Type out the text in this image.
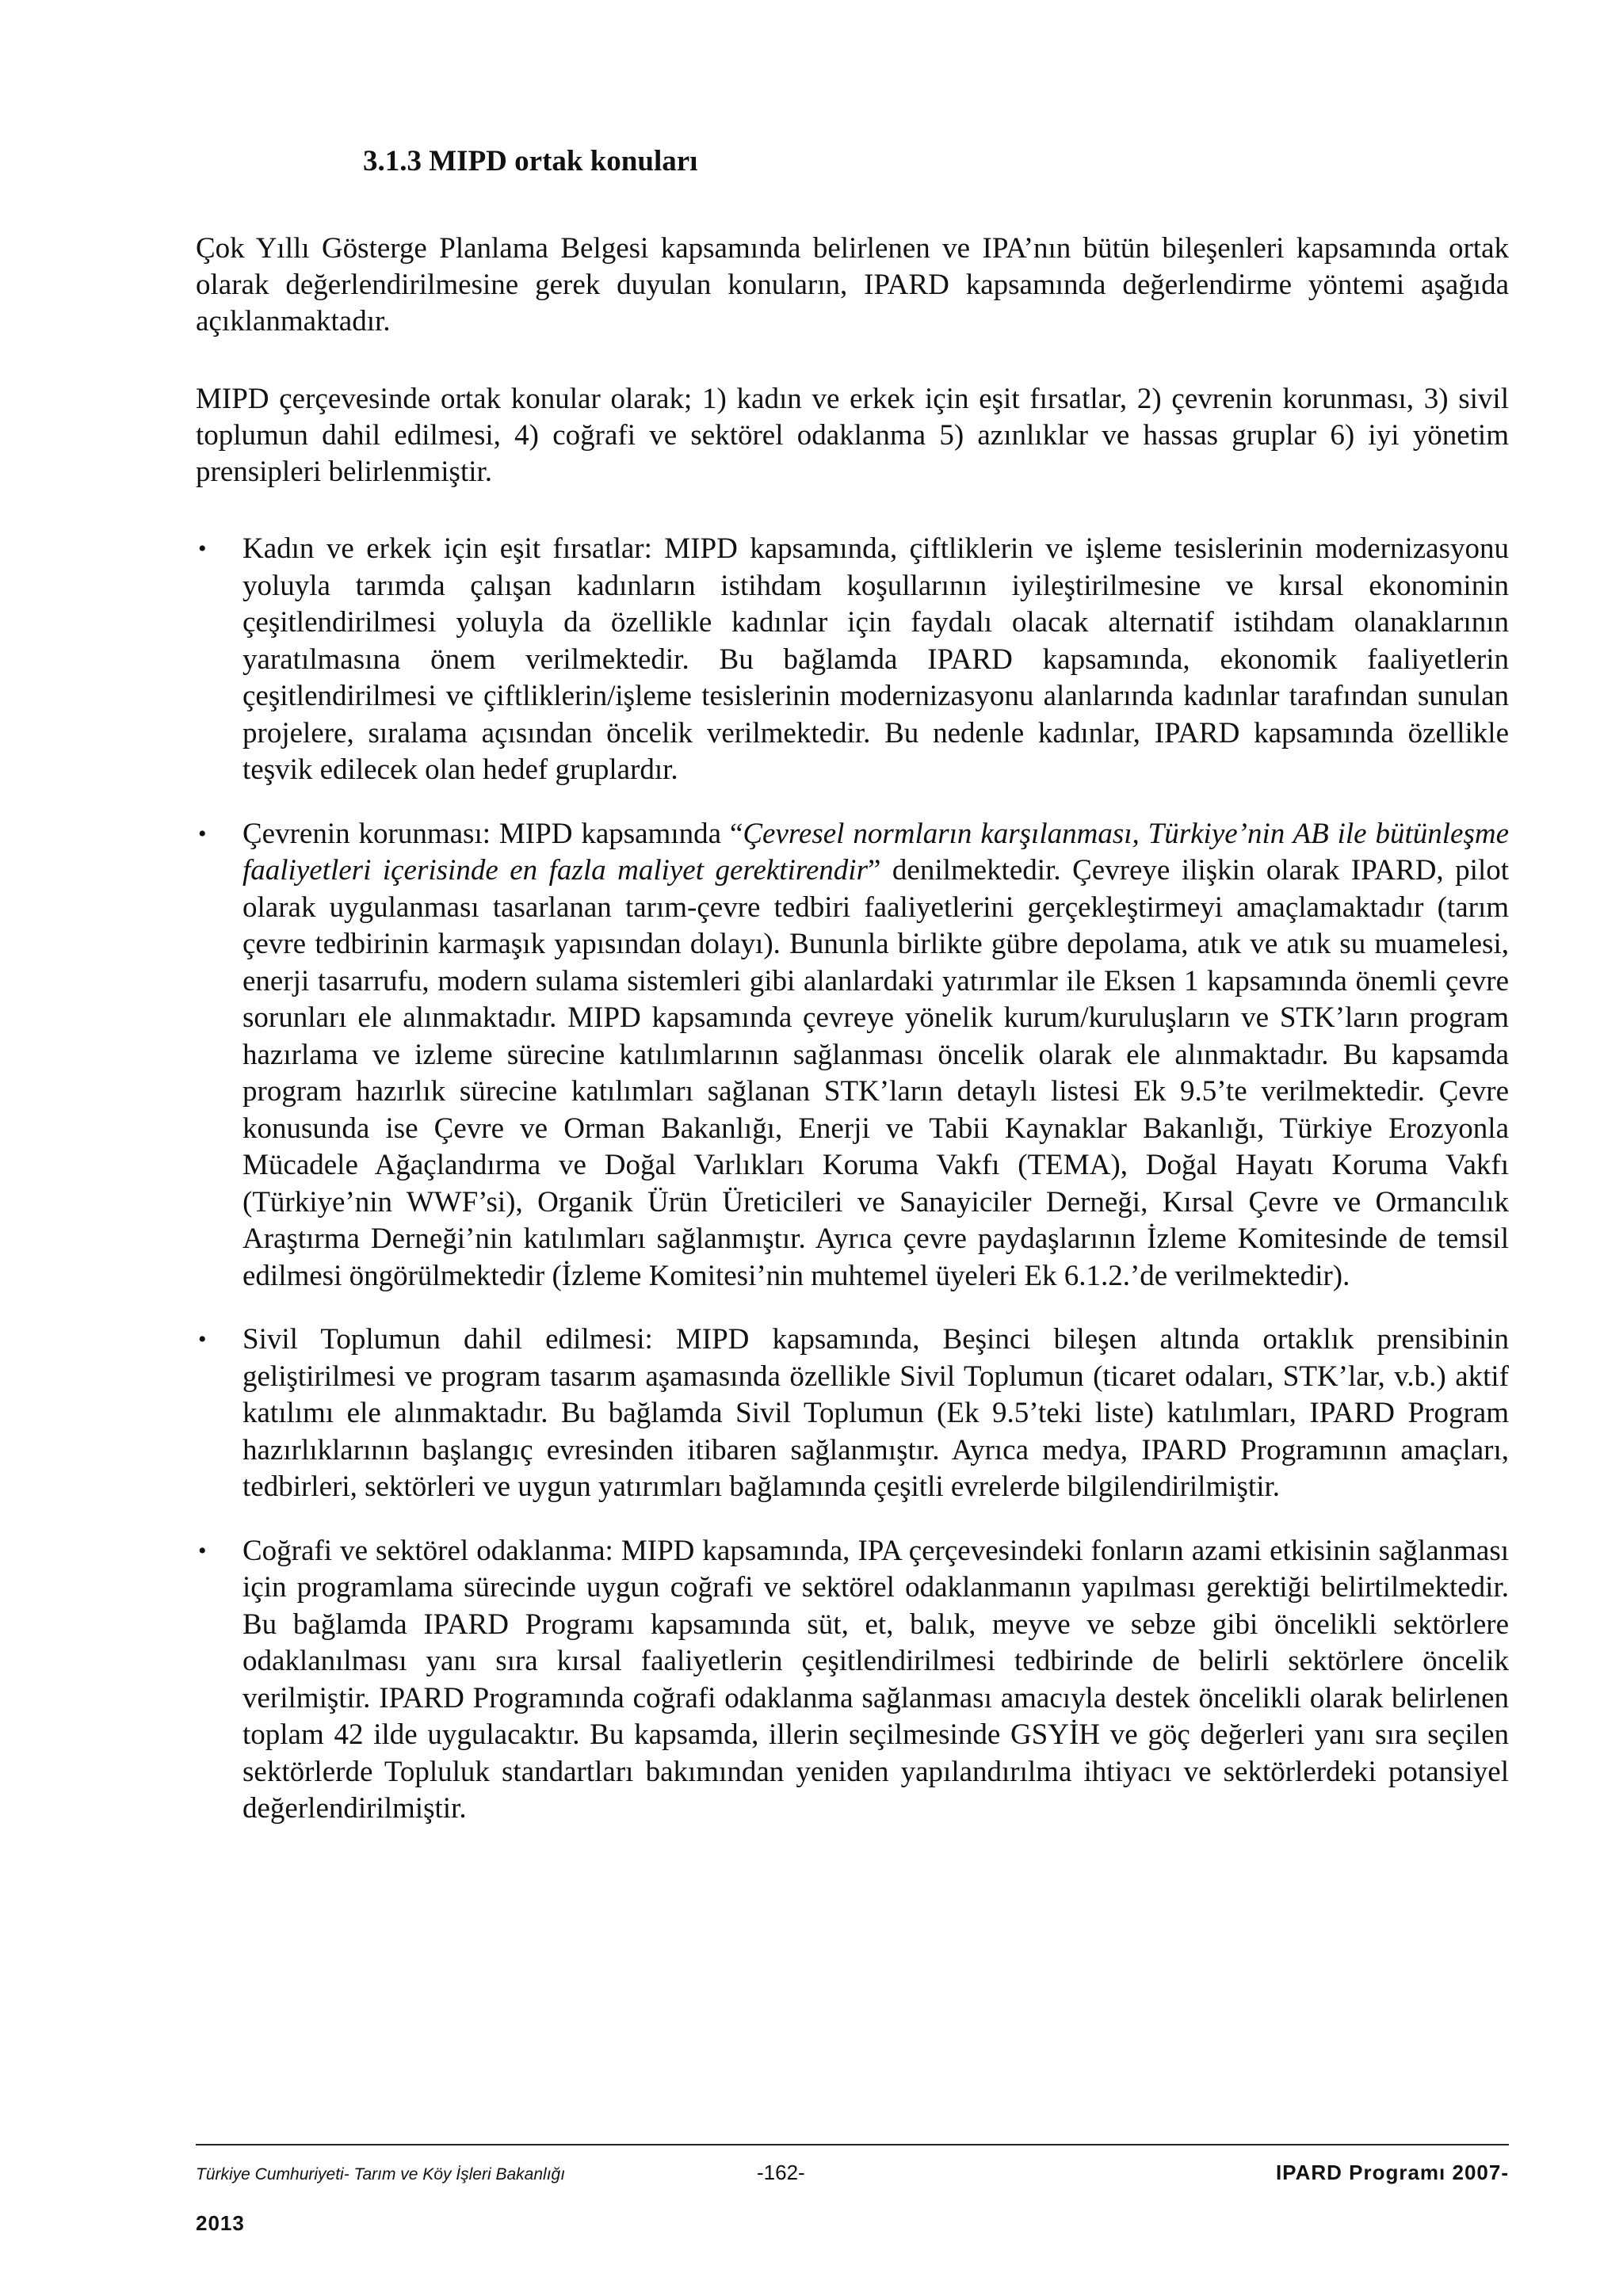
3.1.3 MIPD ortak konuları

Çok Yıllı Gösterge Planlama Belgesi kapsamında belirlenen ve IPA’nın bütün bileşenleri kapsamında ortak olarak değerlendirilmesine gerek duyulan konuların, IPARD kapsamında değerlendirme yöntemi aşağıda açıklanmaktadır.

MIPD çerçevesinde ortak konular olarak; 1) kadın ve erkek için eşit fırsatlar, 2) çevrenin korunması, 3) sivil toplumun dahil edilmesi, 4) coğrafi ve sektörel odaklanma 5) azınlıklar ve hassas gruplar 6) iyi yönetim prensipleri belirlenmiştir.

• Kadın ve erkek için eşit fırsatlar: MIPD kapsamında, çiftliklerin ve işleme tesislerinin modernizasyonu yoluyla tarımda çalışan kadınların istihdam koşullarının iyileştirilmesine ve kırsal ekonominin çeşitlendirilmesi yoluyla da özellikle kadınlar için faydalı olacak alternatif istihdam olanaklarının yaratılmasına önem verilmektedir. Bu bağlamda IPARD kapsamında, ekonomik faaliyetlerin çeşitlendirilmesi ve çiftliklerin/işleme tesislerinin modernizasyonu alanlarında kadınlar tarafından sunulan projelere, sıralama açısından öncelik verilmektedir. Bu nedenle kadınlar, IPARD kapsamında özellikle teşvik edilecek olan hedef gruplardır.
• Çevrenin korunması: MIPD kapsamında “Çevresel normların karşılanması, Türkiye’nin AB ile bütünleşme faaliyetleri içerisinde en fazla maliyet gerektirendir” denilmektedir. Çevreye ilişkin olarak IPARD, pilot olarak uygulanması tasarlanan tarım-çevre tedbiri faaliyetlerini gerçekleştirmeyi amaçlamaktadır (tarım çevre tedbirinin karmaşık yapısından dolayı). Bununla birlikte gübre depolama, atık ve atık su muamelesi, enerji tasarrufu, modern sulama sistemleri gibi alanlardaki yatırımlar ile Eksen 1 kapsamında önemli çevre sorunları ele alınmaktadır. MIPD kapsamında çevreye yönelik kurum/kuruluşların ve STK’ların program hazırlama ve izleme sürecine katılımlarının sağlanması öncelik olarak ele alınmaktadır. Bu kapsamda program hazırlık sürecine katılımları sağlanan STK’ların detaylı listesi Ek 9.5’te verilmektedir. Çevre konusunda ise Çevre ve Orman Bakanlığı, Enerji ve Tabii Kaynaklar Bakanlığı, Türkiye Erozyonla Mücadele Ağaçlandırma ve Doğal Varlıkları Koruma Vakfı (TEMA), Doğal Hayatı Koruma Vakfı (Türkiye’nin WWF’si), Organik Ürün Üreticileri ve Sanayiciler Derneği, Kırsal Çevre ve Ormancılık Araştırma Derneği’nin katılımları sağlanmıştır. Ayrıca çevre paydaşlarının İzleme Komitesinde de temsil edilmesi öngörülmektedir (İzleme Komitesi’nin muhtemel üyeleri Ek 6.1.2.’de verilmektedir).
• Sivil Toplumun dahil edilmesi: MIPD kapsamında, Beşinci bileşen altında ortaklık prensibinin geliştirilmesi ve program tasarım aşamasında özellikle Sivil Toplumun (ticaret odaları, STK’lar, v.b.) aktif katılımı ele alınmaktadır. Bu bağlamda Sivil Toplumun (Ek 9.5’teki liste) katılımları, IPARD Program hazırlıklarının başlangıç evresinden itibaren sağlanmıştır. Ayrıca medya, IPARD Programının amaçları, tedbirleri, sektörleri ve uygun yatırımları bağlamında çeşitli evrelerde bilgilendirilmiştir.
• Coğrafi ve sektörel odaklanma: MIPD kapsamında, IPA çerçevesindeki fonların azami etkisinin sağlanması için programlama sürecinde uygun coğrafi ve sektörel odaklanmanın yapılması gerektiği belirtilmektedir. Bu bağlamda IPARD Programı kapsamında süt, et, balık, meyve ve sebze gibi öncelikli sektörlere odaklanılması yanı sıra kırsal faaliyetlerin çeşitlendirilmesi tedbirinde de belirli sektörlere öncelik verilmiştir. IPARD Programında coğrafi odaklanma sağlanması amacıyla destek öncelikli olarak belirlenen toplam 42 ilde uygulacaktır. Bu kapsamda, illerin seçilmesinde GSYİH ve göç değerleri yanı sıra seçilen sektörlerde Topluluk standartları bakımından yeniden yapılandırılma ihtiyacı ve sektörlerdeki potansiyel değerlendirilmiştir.
Türkiye Cumhuriyeti- Tarım ve Köy İşleri Bakanlığı	-162-	IPARD Programı 2007-
2013
